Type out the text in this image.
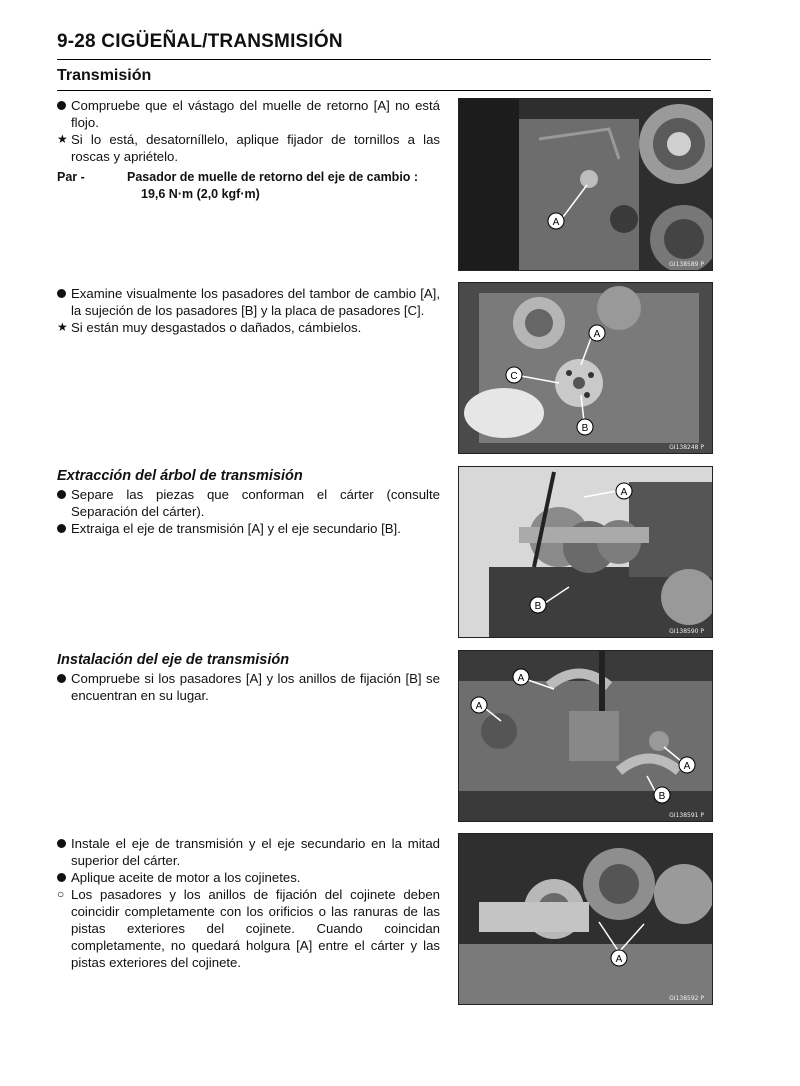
9-28 CIGÜEÑAL/TRANSMISIÓN
Transmisión
Compruebe que el vástago del muelle de retorno [A] no está flojo.
★ Si lo está, desatorníllelo, aplique fijador de tornillos a las roscas y apriételo.
Par -	Pasador de muelle de retorno del eje de cambio :
19,6 N·m (2,0 kgf·m)
Examine visualmente los pasadores del tambor de cambio [A], la sujeción de los pasadores [B] y la placa de pasadores [C].
★ Si están muy desgastados o dañados, cámbielos.
Extracción del árbol de transmisión
Separe las piezas que conforman el cárter (consulte Separación del cárter).
Extraiga el eje de transmisión [A] y el eje secundario [B].
Instalación del eje de transmisión
Compruebe si los pasadores [A] y los anillos de fijación [B] se encuentran en su lugar.
Instale el eje de transmisión y el eje secundario en la mitad superior del cárter.
Aplique aceite de motor a los cojinetes.
○ Los pasadores y los anillos de fijación del cojinete deben coincidir completamente con los orificios o las ranuras de las pistas exteriores del cojinete. Cuando coincidan completamente, no quedará holgura [A] entre el cárter y las pistas exteriores del cojinete.
A
GI138589 P
A
B
C
GI138248 P
A
B
GI138590 P
A
A
A
B
GI138591 P
A
GI138592 P
